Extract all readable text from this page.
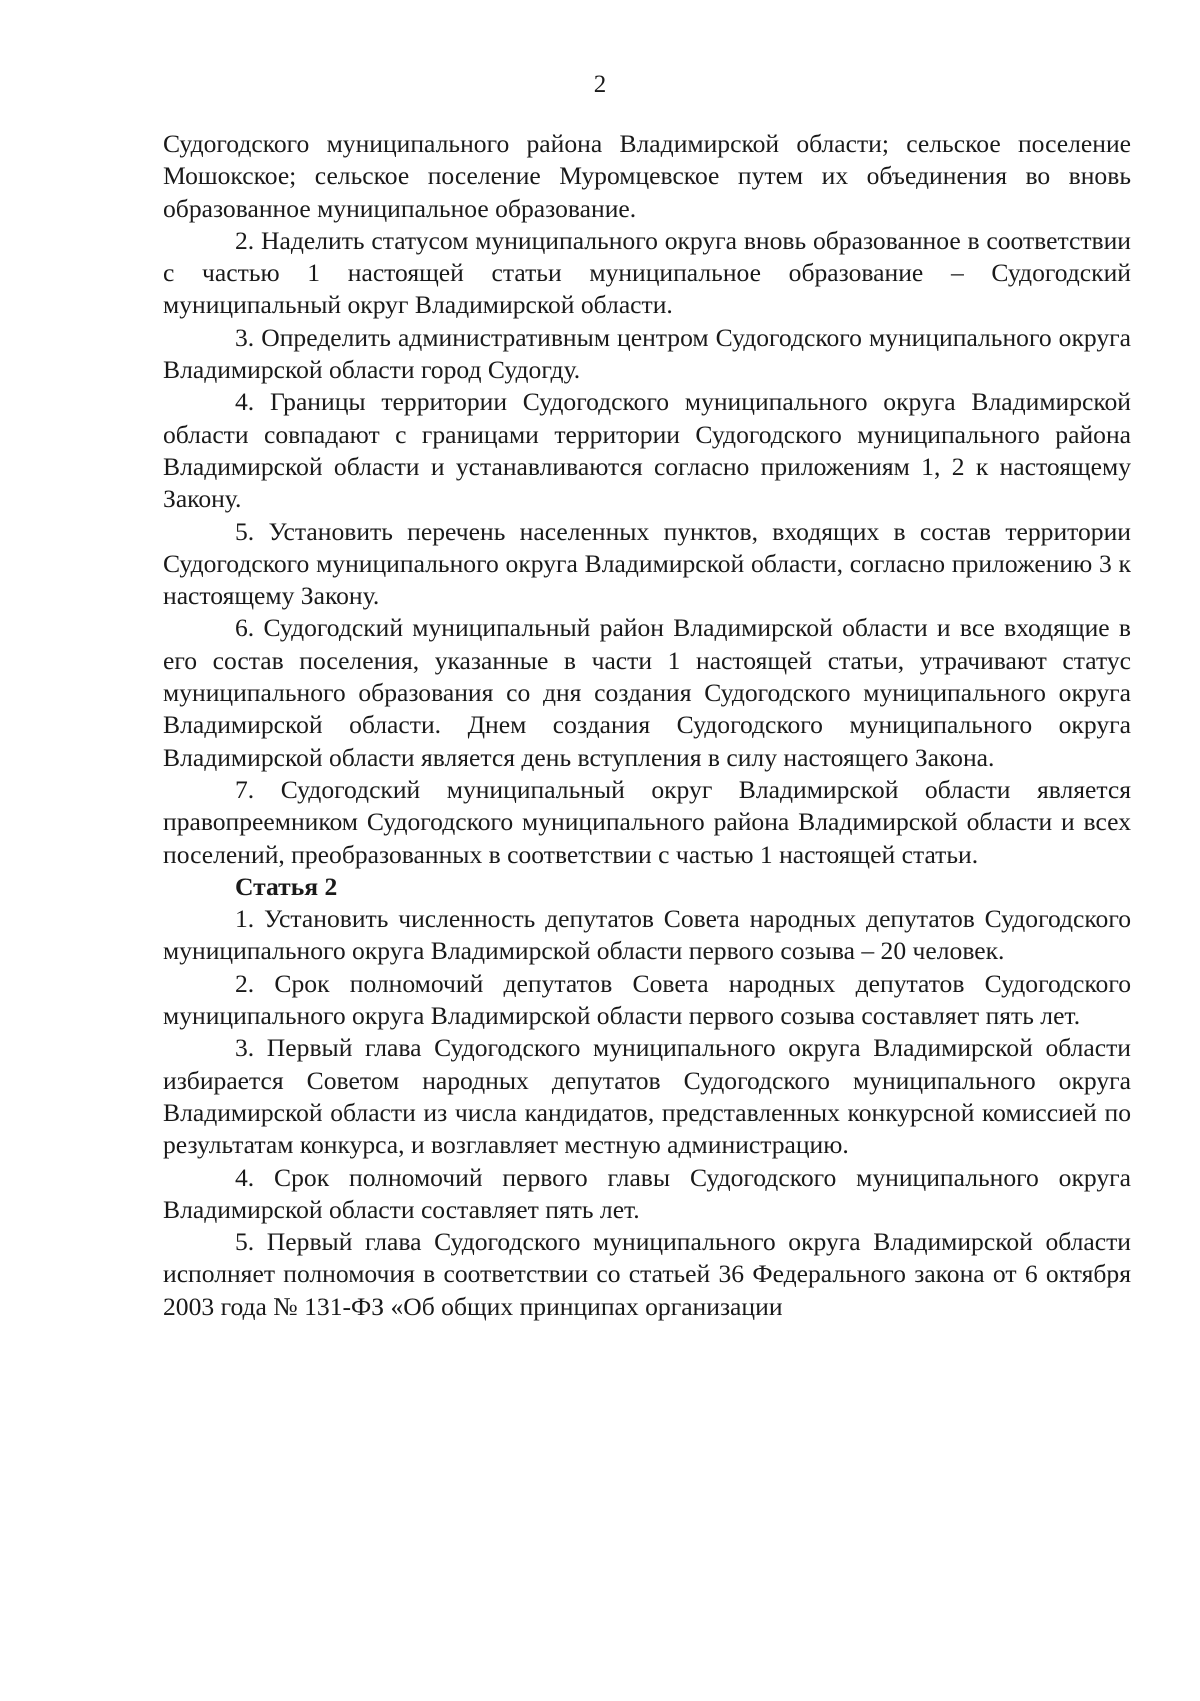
2

Судогодского муниципального района Владимирской области; сельское поселение Мошокское; сельское поселение Муромцевское путем их объединения во вновь образованное муниципальное образование.

2. Наделить статусом муниципального округа вновь образованное в соответствии с частью 1 настоящей статьи муниципальное образование – Судогодский муниципальный округ Владимирской области.

3. Определить административным центром Судогодского муниципального округа Владимирской области город Судогду.

4. Границы территории Судогодского муниципального округа Владимирской области совпадают с границами территории Судогодского муниципального района Владимирской области и устанавливаются согласно приложениям 1, 2 к настоящему Закону.

5. Установить перечень населенных пунктов, входящих в состав территории Судогодского муниципального округа Владимирской области, согласно приложению 3 к настоящему Закону.

6. Судогодский муниципальный район Владимирской области и все входящие в его состав поселения, указанные в части 1 настоящей статьи, утрачивают статус муниципального образования со дня создания Судогодского муниципального округа Владимирской области. Днем создания Судогодского муниципального округа Владимирской области является день вступления в силу настоящего Закона.

7. Судогодский муниципальный округ Владимирской области является правопреемником Судогодского муниципального района Владимирской области и всех поселений, преобразованных в соответствии с частью 1 настоящей статьи.

Статья 2

1. Установить численность депутатов Совета народных депутатов Судогодского муниципального округа Владимирской области первого созыва – 20 человек.

2. Срок полномочий депутатов Совета народных депутатов Судогодского муниципального округа Владимирской области первого созыва составляет пять лет.

3. Первый глава Судогодского муниципального округа Владимирской области избирается Советом народных депутатов Судогодского муниципального округа Владимирской области из числа кандидатов, представленных конкурсной комиссией по результатам конкурса, и возглавляет местную администрацию.

4. Срок полномочий первого главы Судогодского муниципального округа Владимирской области составляет пять лет.

5. Первый глава Судогодского муниципального округа Владимирской области исполняет полномочия в соответствии со статьей 36 Федерального закона от 6 октября 2003 года № 131-ФЗ «Об общих принципах организации
